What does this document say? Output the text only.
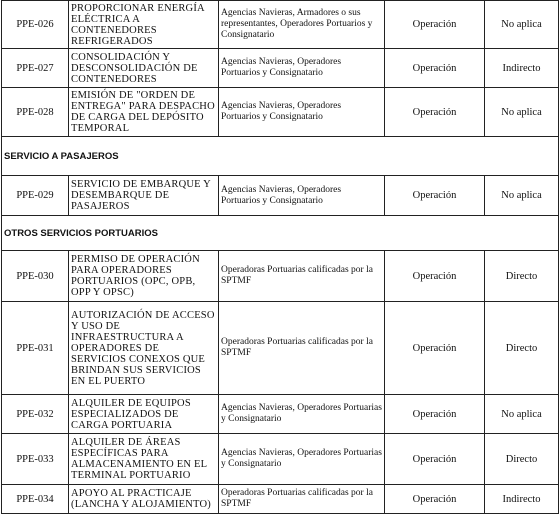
PPE-026	PROPORCIONAR ENERGÍA ELÉCTRICA A CONTENEDORES REFRIGERADOS	Agencias Navieras, Armadores o sus representantes, Operadores Portuarios y Consignatario	Operación	No aplica
PPE-027	CONSOLIDACIÓN Y DESCONSOLIDACIÓN DE CONTENEDORES	Agencias Navieras, Operadores Portuarios y Consignatario	Operación	Indirecto
PPE-028	EMISIÓN DE "ORDEN DE ENTREGA" PARA DESPACHO DE CARGA DEL DEPÓSITO TEMPORAL	Agencias Navieras, Operadores Portuarios y Consignatario	Operación	No aplica
SERVICIO A PASAJEROS				
PPE-029	SERVICIO DE EMBARQUE Y DESEMBARQUE DE PASAJEROS	Agencias Navieras, Operadores Portuarios y Consignatario	Operación	No aplica
OTROS SERVICIOS PORTUARIOS				
PPE-030	PERMISO DE OPERACIÓN PARA OPERADORES PORTUARIOS (OPC, OPB, OPP Y OPSC)	Operadoras Portuarias calificadas por la SPTMF	Operación	Directo
PPE-031	AUTORIZACIÓN DE ACCESO Y USO DE INFRAESTRUCTURA A OPERADORES DE SERVICIOS CONEXOS QUE BRINDAN SUS SERVICIOS EN EL PUERTO	Operadoras Portuarias calificadas por la SPTMF	Operación	Directo
PPE-032	ALQUILER DE EQUIPOS ESPECIALIZADOS DE CARGA PORTUARIA	Agencias Navieras, Operadores Portuarias y Consignatario	Operación	No aplica
PPE-033	ALQUILER DE ÁREAS ESPECÍFICAS PARA ALMACENAMIENTO EN EL TERMINAL PORTUARIO	Agencias Navieras, Operadores Portuarias y Consignatario	Operación	Directo
PPE-034	APOYO AL PRACTICAJE (LANCHA Y ALOJAMIENTO)	Operadoras Portuarias calificadas por la SPTMF	Operación	Indirecto
